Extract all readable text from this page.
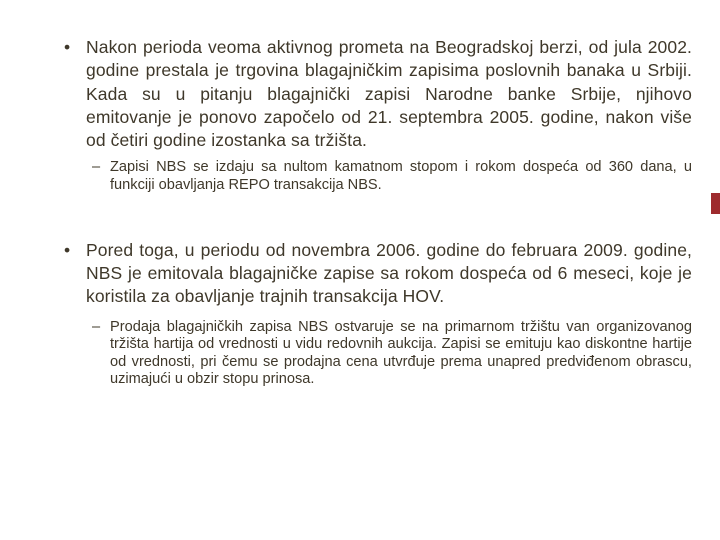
• Nakon perioda veoma aktivnog prometa na Beogradskoj berzi, od jula 2002. godine prestala je trgovina blagajničkim zapisima poslovnih banaka u Srbiji. Kada su u pitanju blagajnički zapisi Narodne banke Srbije, njihovo emitovanje je ponovo započelo od 21. septembra 2005. godine, nakon više od četiri godine izostanka sa tržišta.

– Zapisi NBS se izdaju sa nultom kamatnom stopom i rokom dospeća od 360 dana, u funkciji obavljanja REPO transakcija NBS.

• Pored toga, u periodu od novembra 2006. godine do februara 2009. godine, NBS je emitovala blagajničke zapise sa rokom dospeća od 6 meseci, koje je koristila za obavljanje trajnih transakcija HOV.

– Prodaja blagajničkih zapisa NBS ostvaruje se na primarnom tržištu van organizovanog tržišta hartija od vrednosti u vidu redovnih aukcija. Zapisi se emituju kao diskontne hartije od vrednosti, pri čemu se prodajna cena utvrđuje prema unapred predviđenom obrascu, uzimajući u obzir stopu prinosa.
